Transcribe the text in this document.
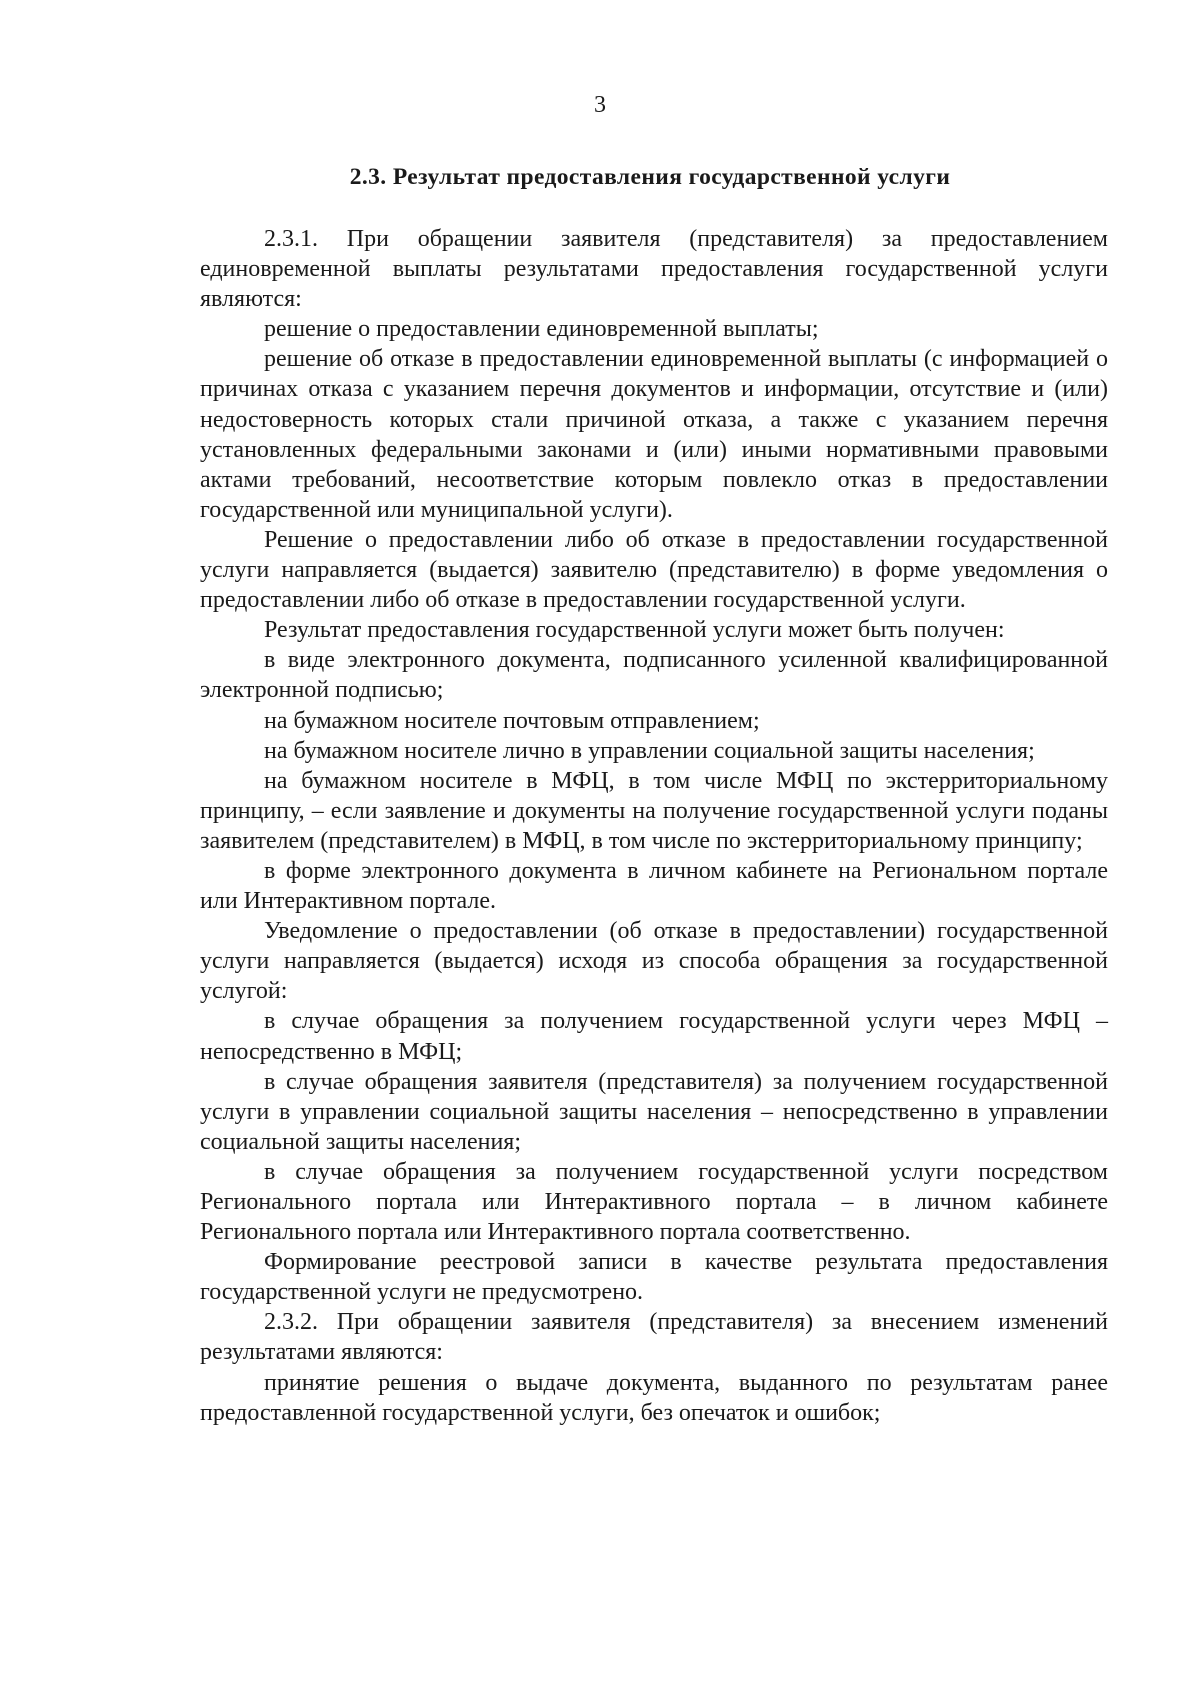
3
2.3. Результат предоставления государственной услуги

2.3.1. При обращении заявителя (представителя) за предоставлением единовременной выплаты результатами предоставления государственной услуги являются:

решение о предоставлении единовременной выплаты;

решение об отказе в предоставлении единовременной выплаты (с информацией о причинах отказа с указанием перечня документов и информации, отсутствие и (или) недостоверность которых стали причиной отказа, а также с указанием перечня установленных федеральными законами и (или) иными нормативными правовыми актами требований, несоответствие которым повлекло отказ в предоставлении государственной или муниципальной услуги).

Решение о предоставлении либо об отказе в предоставлении государственной услуги направляется (выдается) заявителю (представителю) в форме уведомления о предоставлении либо об отказе в предоставлении государственной услуги.

Результат предоставления государственной услуги может быть получен:

в виде электронного документа, подписанного усиленной квалифицированной электронной подписью;

на бумажном носителе почтовым отправлением;

на бумажном носителе лично в управлении социальной защиты населения;

на бумажном носителе в МФЦ, в том числе МФЦ по экстерриториальному принципу, – если заявление и документы на получение государственной услуги поданы заявителем (представителем) в МФЦ, в том числе по экстерриториальному принципу;

в форме электронного документа в личном кабинете на Региональном портале или Интерактивном портале.

Уведомление о предоставлении (об отказе в предоставлении) государственной услуги направляется (выдается) исходя из способа обращения за государственной услугой:

в случае обращения за получением государственной услуги через МФЦ – непосредственно в МФЦ;

в случае обращения заявителя (представителя) за получением государственной услуги в управлении социальной защиты населения – непосредственно в управлении социальной защиты населения;

в случае обращения за получением государственной услуги посредством Регионального портала или Интерактивного портала – в личном кабинете Регионального портала или Интерактивного портала соответственно.

Формирование реестровой записи в качестве результата предоставления государственной услуги не предусмотрено.

2.3.2. При обращении заявителя (представителя) за внесением изменений результатами являются:

принятие решения о выдаче документа, выданного по результатам ранее предоставленной государственной услуги, без опечаток и ошибок;
